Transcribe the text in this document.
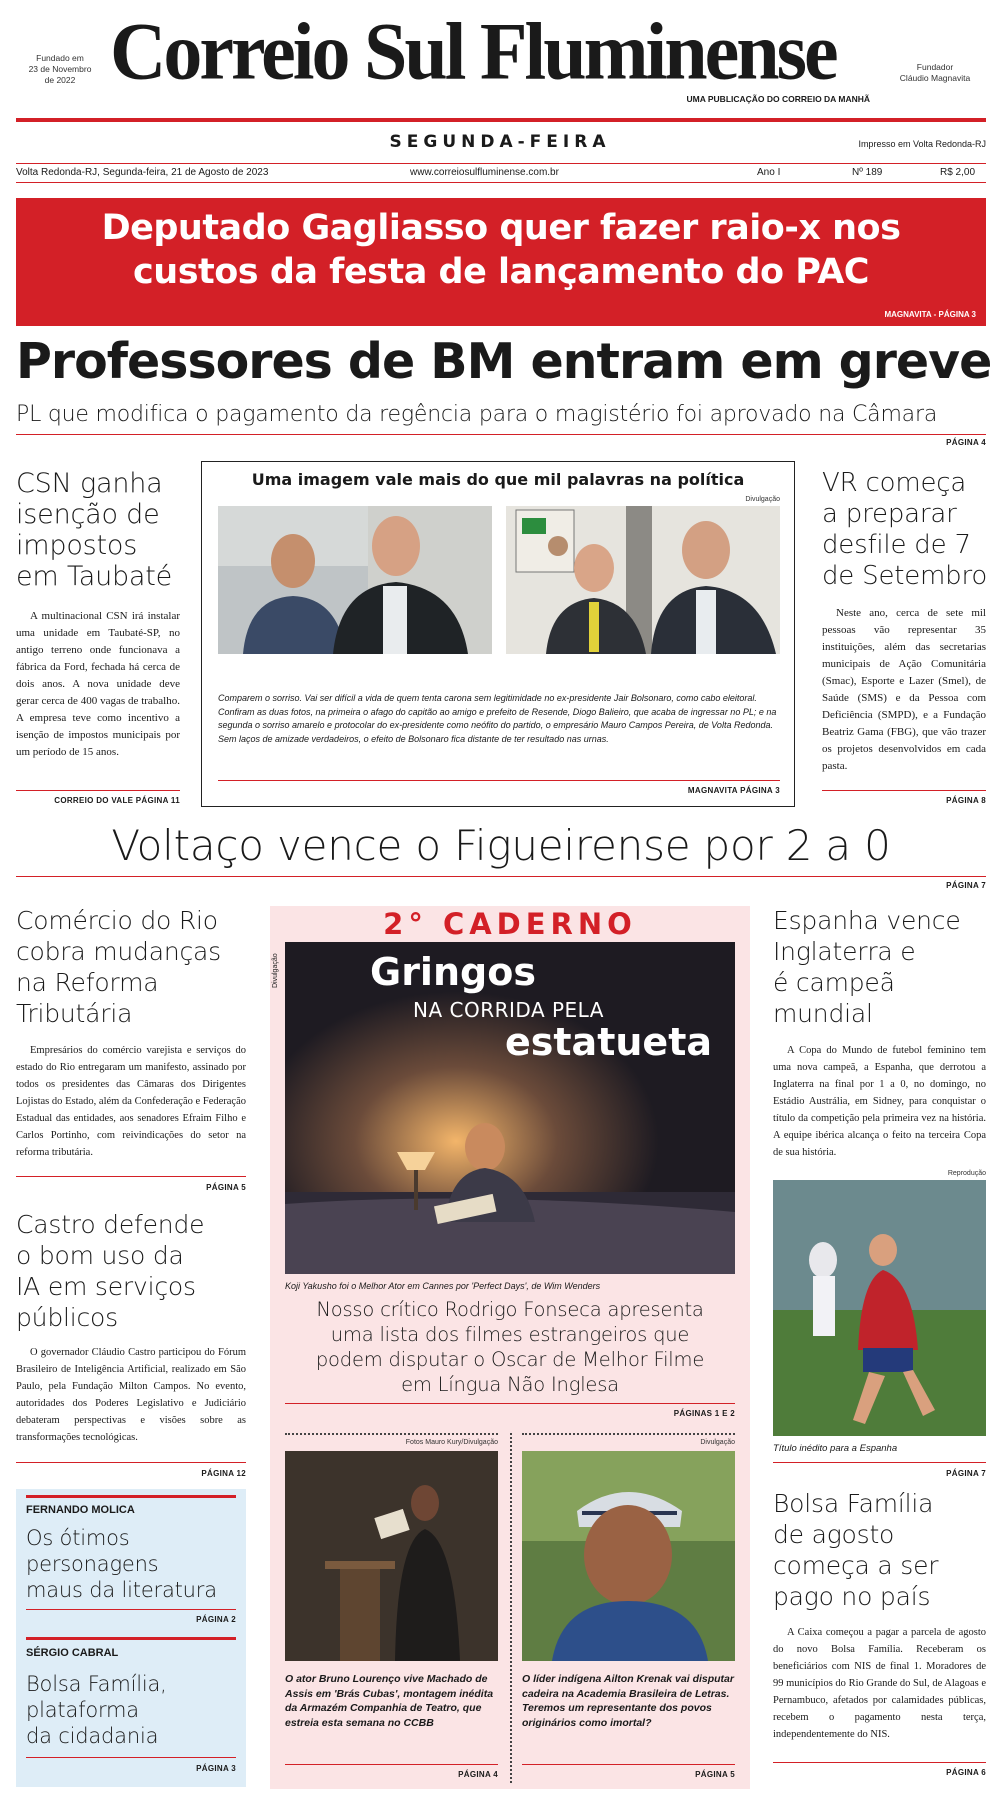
Fundado em
23 de Novembro
de 2022 Correio Sul Fluminense	Fundador
Cláudio Magnavita
UMA PUBLICAÇÃO DO CORREIO DA MANHÃ
SEGUNDA-FEIRA	Impresso em Volta Redonda-RJ
Volta Redonda-RJ, Segunda-feira, 21 de Agosto de 2023	www.correiosulfluminense.com.br	Ano I	Nº 189	R$ 2,00
Deputado Gagliasso quer fazer raio-x nos
custos da festa de lançamento do PAC
MAGNAVITA - PÁGINA 3
Professores de BM entram em greve
PL que modifica o pagamento da regência para o magistério foi aprovado na Câmara
PÁGINA 4
CSN ganha
isenção de
impostos
em Taubaté

A multinacional CSN irá instalar uma unidade em Taubaté-SP, no antigo terreno onde funcionava a fábrica da Ford, fechada há cerca de dois anos. A nova unidade deve gerar cerca de 400 vagas de trabalho. A empresa teve como incentivo a isenção de impostos municipais por um período de 15 anos.

CORREIO DO VALE PÁGINA 11
Uma imagem vale mais do que mil palavras na política
Divulgação

Comparem o sorriso. Vai ser difícil a vida de quem tenta carona sem legitimidade no ex-presidente Jair Bolsonaro, como cabo eleitoral. Confiram as duas fotos, na primeira o afago do capitão ao amigo e prefeito de Resende, Diogo Balieiro, que acaba de ingressar no PL; e na segunda o sorriso amarelo e protocolar do ex-presidente como neófito do partido, o empresário Mauro Campos Pereira, de Volta Redonda. Sem laços de amizade verdadeiros, o efeito de Bolsonaro fica distante de ter resultado nas urnas.

MAGNAVITA PÁGINA 3
VR começa
a preparar
desfile de 7
de Setembro

Neste ano, cerca de sete mil pessoas vão representar 35 instituições, além das secretarias municipais de Ação Comunitária (Smac), Esporte e Lazer (Smel), de Saúde (SMS) e da Pessoa com Deficiência (SMPD), e a Fundação Beatriz Gama (FBG), que vão trazer os projetos desenvolvidos em cada pasta.

PÁGINA 8
Voltaço vence o Figueirense por 2 a 0
PÁGINA 7
Comércio do Rio
cobra mudanças
na Reforma
Tributária

Empresários do comércio varejista e serviços do estado do Rio entregaram um manifesto, assinado por todos os presidentes das Câmaras dos Dirigentes Lojistas do Estado, além da Confederação e Federação Estadual das entidades, aos senadores Efraim Filho e Carlos Portinho, com reivindicações do setor na reforma tributária.

PÁGINA 5
Castro defende
o bom uso da
IA em serviços
públicos

O governador Cláudio Castro participou do Fórum Brasileiro de Inteligência Artificial, realizado em São Paulo, pela Fundação Milton Campos. No evento, autoridades dos Poderes Legislativo e Judiciário debateram perspectivas e visões sobre as transformações tecnológicas.

PÁGINA 12
FERNANDO MOLICA
Os ótimos
personagens
maus da literatura
PÁGINA 2
SÉRGIO CABRAL
Bolsa Família,
plataforma
da cidadania
PÁGINA 3
2° CADERNO
Divulgação Gringos
NA CORRIDA PELA
estatueta
Koji Yakusho foi o Melhor Ator em Cannes por 'Perfect Days', de Wim Wenders
Nosso crítico Rodrigo Fonseca apresenta
uma lista dos filmes estrangeiros que
podem disputar o Oscar de Melhor Filme
em Língua Não Inglesa
PÁGINAS 1 E 2
Fotos Mauro Kury/Divulgação

O ator Bruno Lourenço vive Machado de Assis em 'Brás Cubas', montagem inédita da Armazém Companhia de Teatro, que estreia esta semana no CCBB

PÁGINA 4
Divulgação

O líder indígena Ailton Krenak vai disputar cadeira na Academia Brasileira de Letras. Teremos um representante dos povos originários como imortal?

PÁGINA 5
Espanha vence
Inglaterra e
é campeã
mundial

A Copa do Mundo de futebol feminino tem uma nova campeã, a Espanha, que derrotou a Inglaterra na final por 1 a 0, no domingo, no Estádio Austrália, em Sidney, para conquistar o título da competição pela primeira vez na história. A equipe ibérica alcança o feito na terceira Copa de sua história.

Reprodução
Título inédito para a Espanha
PÁGINA 7
Bolsa Família
de agosto
começa a ser
pago no país

A Caixa começou a pagar a parcela de agosto do novo Bolsa Família. Receberam os beneficiários com NIS de final 1. Moradores de 99 municípios do Rio Grande do Sul, de Alagoas e Pernambuco, afetados por calamidades públicas, recebem o pagamento nesta terça, independentemente do NIS.

PÁGINA 6
